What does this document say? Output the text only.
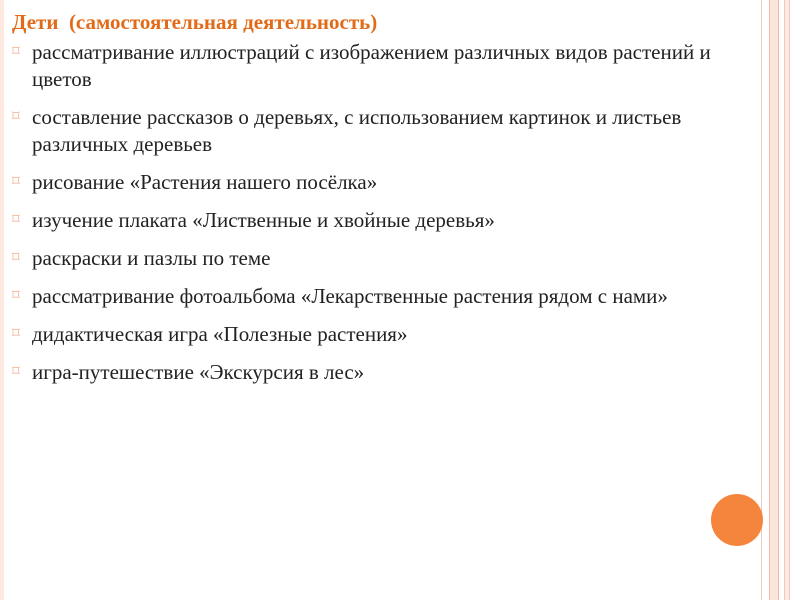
Дети  (самостоятельная деятельность)
⌑ рассматривание иллюстраций с изображением различных видов растений и цветов
⌑ составление рассказов о деревьях, с использованием картинок и листьев различных деревьев
⌑ рисование «Растения нашего посёлка»
⌑ изучение плаката «Лиственные и хвойные деревья»
⌑ раскраски и пазлы по теме
⌑ рассматривание фотоальбома «Лекарственные растения рядом с нами»
⌑ дидактическая игра «Полезные растения»
⌑ игра-путешествие «Экскурсия в лес»
